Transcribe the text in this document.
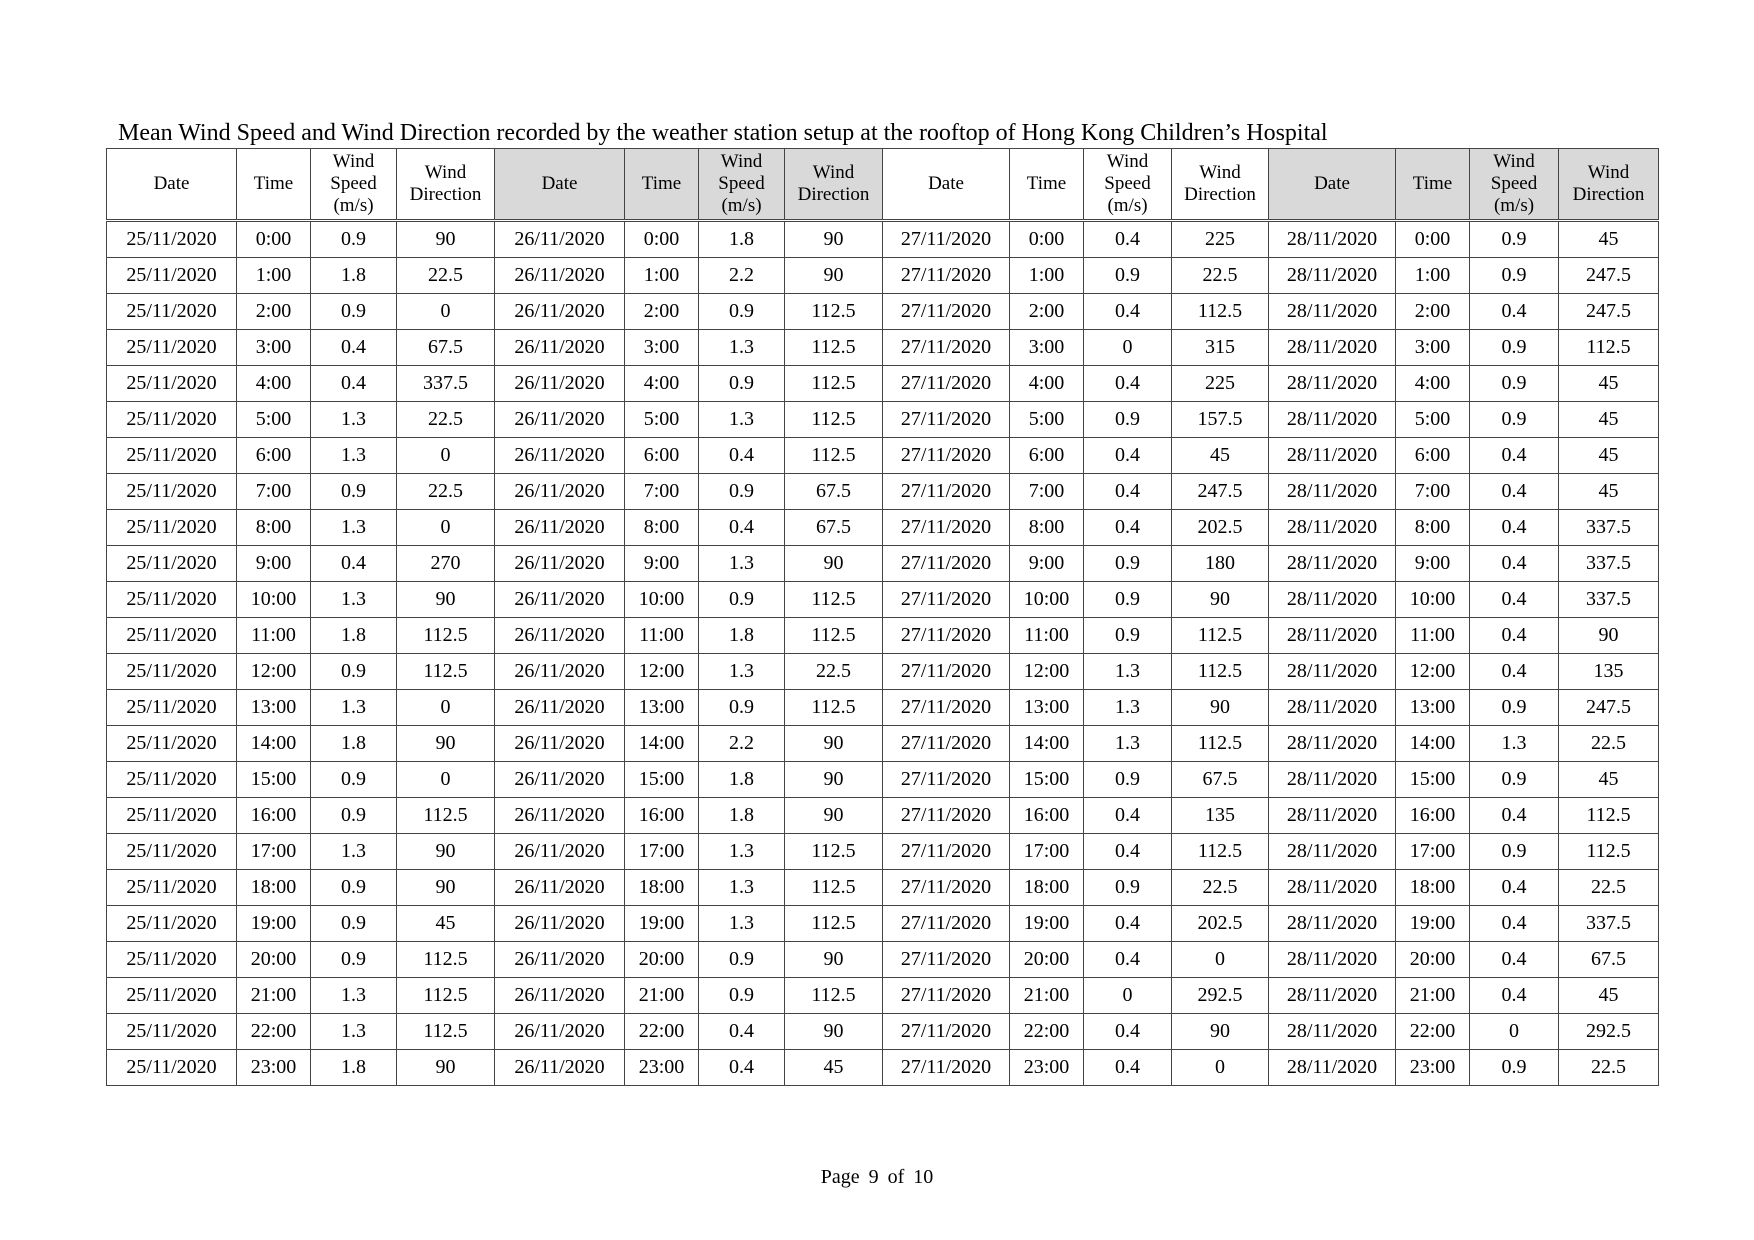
Mean Wind Speed and Wind Direction recorded by the weather station setup at the rooftop of Hong Kong Children’s Hospital
Date	Time	Wind Speed (m/s)	Wind Direction	Date	Time	Wind Speed (m/s)	Wind Direction	Date	Time	Wind Speed (m/s)	Wind Direction	Date	Time	Wind Speed (m/s)	Wind Direction
25/11/2020	0:00	0.9	90	26/11/2020	0:00	1.8	90	27/11/2020	0:00	0.4	225	28/11/2020	0:00	0.9	45
25/11/2020	1:00	1.8	22.5	26/11/2020	1:00	2.2	90	27/11/2020	1:00	0.9	22.5	28/11/2020	1:00	0.9	247.5
25/11/2020	2:00	0.9	0	26/11/2020	2:00	0.9	112.5	27/11/2020	2:00	0.4	112.5	28/11/2020	2:00	0.4	247.5
25/11/2020	3:00	0.4	67.5	26/11/2020	3:00	1.3	112.5	27/11/2020	3:00	0	315	28/11/2020	3:00	0.9	112.5
25/11/2020	4:00	0.4	337.5	26/11/2020	4:00	0.9	112.5	27/11/2020	4:00	0.4	225	28/11/2020	4:00	0.9	45
25/11/2020	5:00	1.3	22.5	26/11/2020	5:00	1.3	112.5	27/11/2020	5:00	0.9	157.5	28/11/2020	5:00	0.9	45
25/11/2020	6:00	1.3	0	26/11/2020	6:00	0.4	112.5	27/11/2020	6:00	0.4	45	28/11/2020	6:00	0.4	45
25/11/2020	7:00	0.9	22.5	26/11/2020	7:00	0.9	67.5	27/11/2020	7:00	0.4	247.5	28/11/2020	7:00	0.4	45
25/11/2020	8:00	1.3	0	26/11/2020	8:00	0.4	67.5	27/11/2020	8:00	0.4	202.5	28/11/2020	8:00	0.4	337.5
25/11/2020	9:00	0.4	270	26/11/2020	9:00	1.3	90	27/11/2020	9:00	0.9	180	28/11/2020	9:00	0.4	337.5
25/11/2020	10:00	1.3	90	26/11/2020	10:00	0.9	112.5	27/11/2020	10:00	0.9	90	28/11/2020	10:00	0.4	337.5
25/11/2020	11:00	1.8	112.5	26/11/2020	11:00	1.8	112.5	27/11/2020	11:00	0.9	112.5	28/11/2020	11:00	0.4	90
25/11/2020	12:00	0.9	112.5	26/11/2020	12:00	1.3	22.5	27/11/2020	12:00	1.3	112.5	28/11/2020	12:00	0.4	135
25/11/2020	13:00	1.3	0	26/11/2020	13:00	0.9	112.5	27/11/2020	13:00	1.3	90	28/11/2020	13:00	0.9	247.5
25/11/2020	14:00	1.8	90	26/11/2020	14:00	2.2	90	27/11/2020	14:00	1.3	112.5	28/11/2020	14:00	1.3	22.5
25/11/2020	15:00	0.9	0	26/11/2020	15:00	1.8	90	27/11/2020	15:00	0.9	67.5	28/11/2020	15:00	0.9	45
25/11/2020	16:00	0.9	112.5	26/11/2020	16:00	1.8	90	27/11/2020	16:00	0.4	135	28/11/2020	16:00	0.4	112.5
25/11/2020	17:00	1.3	90	26/11/2020	17:00	1.3	112.5	27/11/2020	17:00	0.4	112.5	28/11/2020	17:00	0.9	112.5
25/11/2020	18:00	0.9	90	26/11/2020	18:00	1.3	112.5	27/11/2020	18:00	0.9	22.5	28/11/2020	18:00	0.4	22.5
25/11/2020	19:00	0.9	45	26/11/2020	19:00	1.3	112.5	27/11/2020	19:00	0.4	202.5	28/11/2020	19:00	0.4	337.5
25/11/2020	20:00	0.9	112.5	26/11/2020	20:00	0.9	90	27/11/2020	20:00	0.4	0	28/11/2020	20:00	0.4	67.5
25/11/2020	21:00	1.3	112.5	26/11/2020	21:00	0.9	112.5	27/11/2020	21:00	0	292.5	28/11/2020	21:00	0.4	45
25/11/2020	22:00	1.3	112.5	26/11/2020	22:00	0.4	90	27/11/2020	22:00	0.4	90	28/11/2020	22:00	0	292.5
25/11/2020	23:00	1.8	90	26/11/2020	23:00	0.4	45	27/11/2020	23:00	0.4	0	28/11/2020	23:00	0.9	22.5
Page 9 of 10
